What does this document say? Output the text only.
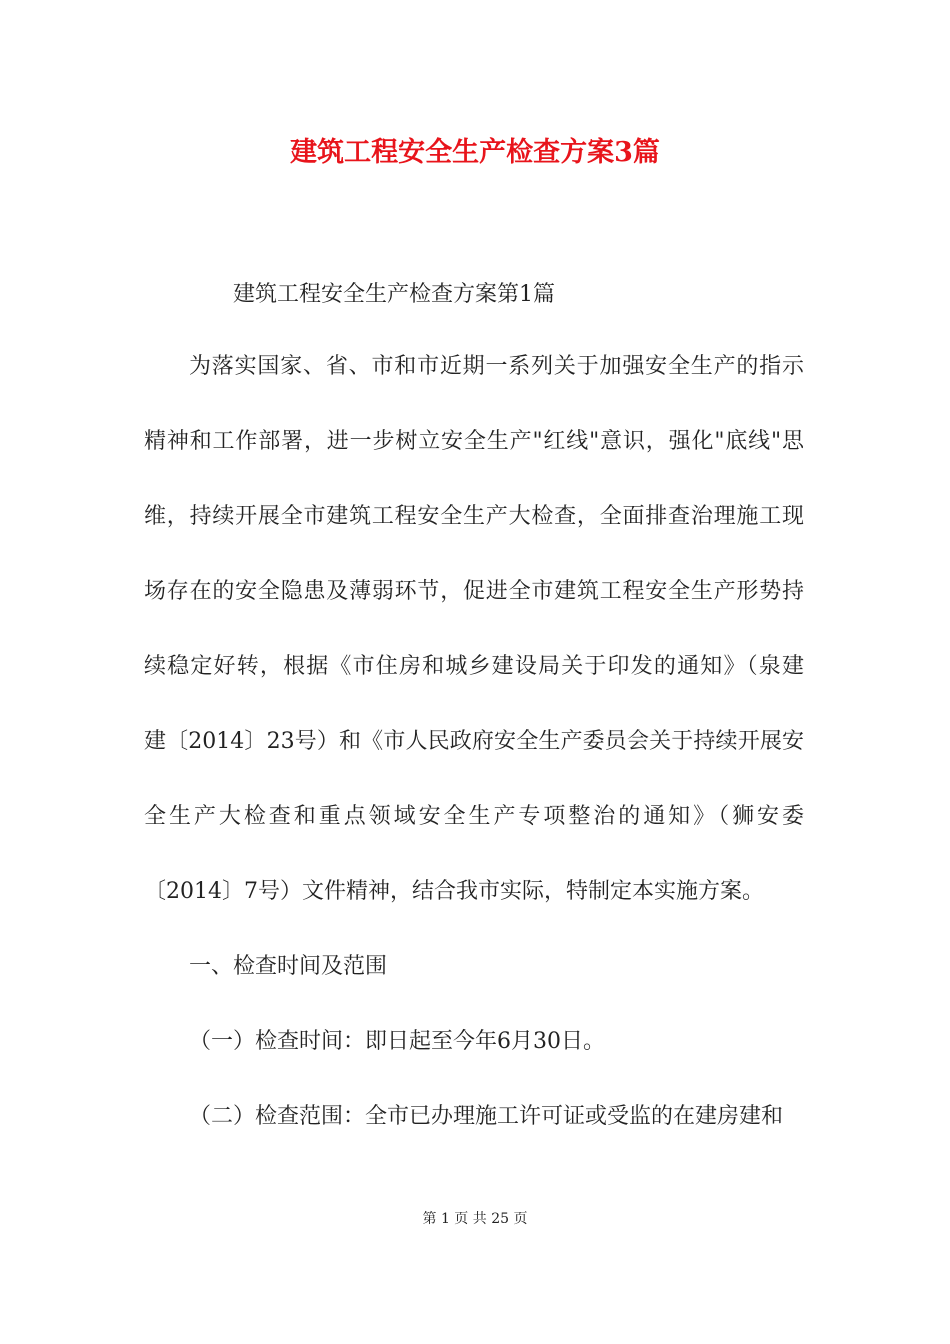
建筑工程安全生产检查方案3篇
建筑工程安全生产检查方案第1篇
为落实国家、省、市和市近期一系列关于加强安全生产的指示
精神和工作部署，进一步树立安全生产"红线"意识，强化"底线"思
维，持续开展全市建筑工程安全生产大检查，全面排查治理施工现
场存在的安全隐患及薄弱环节，促进全市建筑工程安全生产形势持
续稳定好转，根据《市住房和城乡建设局关于印发的通知》（泉建
建〔2014〕23号）和《市人民政府安全生产委员会关于持续开展安
全生产大检查和重点领域安全生产专项整治的通知》（狮安委
〔2014〕7号）文件精神，结合我市实际，特制定本实施方案。
一、检查时间及范围
（一）检查时间：即日起至今年6月30日。
（二）检查范围：全市已办理施工许可证或受监的在建房建和
第 1 页 共 25 页
